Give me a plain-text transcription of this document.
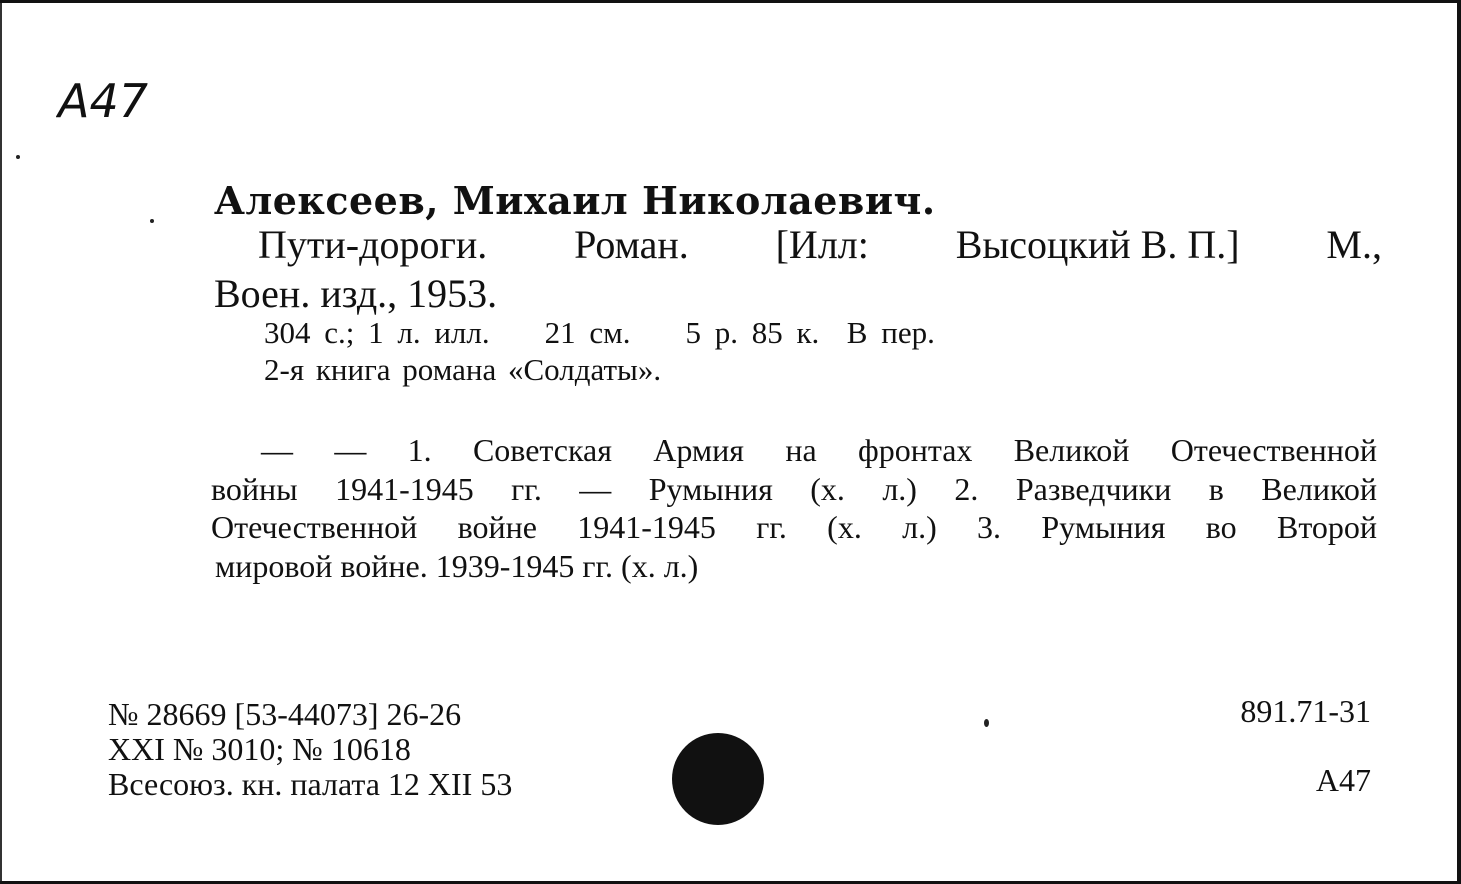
А47

Алексеев, Михаил Николаевич.

Пути-дороги. Роман. [Илл: Высоцкий В. П.] М.,

Воен. изд., 1953.

304 с.; 1 л. илл.    21 см.    5 р. 85 к.  В пер.

2-я книга романа «Солдаты».

— — 1. Советская Армия на фронтах Великой Отечественной
войны 1941-1945 гг. — Румыния (х. л.) 2. Разведчики в Великой
Отечественной войне 1941-1945 гг. (х. л.) 3. Румыния во Второй
мировой войне. 1939-1945 гг. (х. л.)

№ 28669 [53-44073] 26-26

XXI № 3010; № 10618

Всесоюз. кн. палата 12 XII 53

891.71-31

А47
